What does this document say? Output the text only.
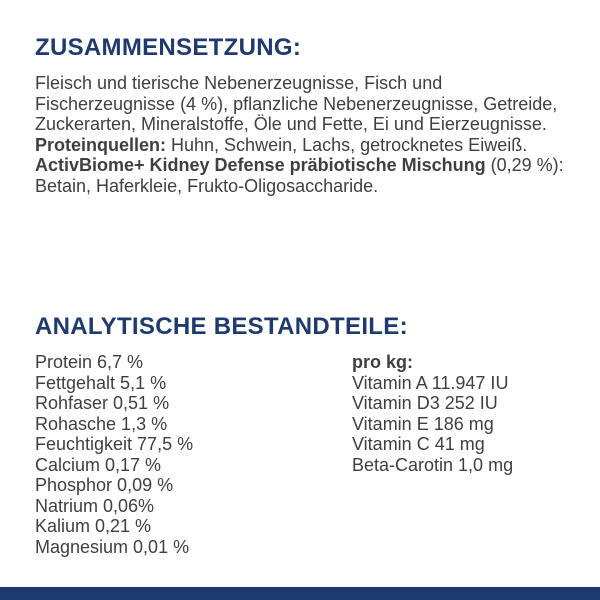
ZUSAMMENSETZUNG:

Fleisch und tierische Nebenerzeugnisse, Fisch und Fischerzeugnisse (4 %), pflanzliche Nebenerzeugnisse, Getreide, Zuckerarten, Mineralstoffe, Öle und Fette, Ei und Eierzeugnisse.
Proteinquellen: Huhn, Schwein, Lachs, getrocknetes Eiweiß.
ActivBiome+ Kidney Defense präbiotische Mischung (0,29 %): Betain, Haferkleie, Frukto-Oligosaccharide.

ANALYTISCHE BESTANDTEILE:
Protein 6,7 %
Fettgehalt 5,1 %
Rohfaser 0,51 %
Rohasche 1,3 %
Feuchtigkeit 77,5 %
Calcium 0,17 %
Phosphor 0,09 %
Natrium 0,06%
Kalium 0,21 %
Magnesium 0,01 %
pro kg:
Vitamin A 11.947 IU
Vitamin D3 252 IU
Vitamin E 186 mg
Vitamin C 41 mg
Beta-Carotin 1,0 mg
